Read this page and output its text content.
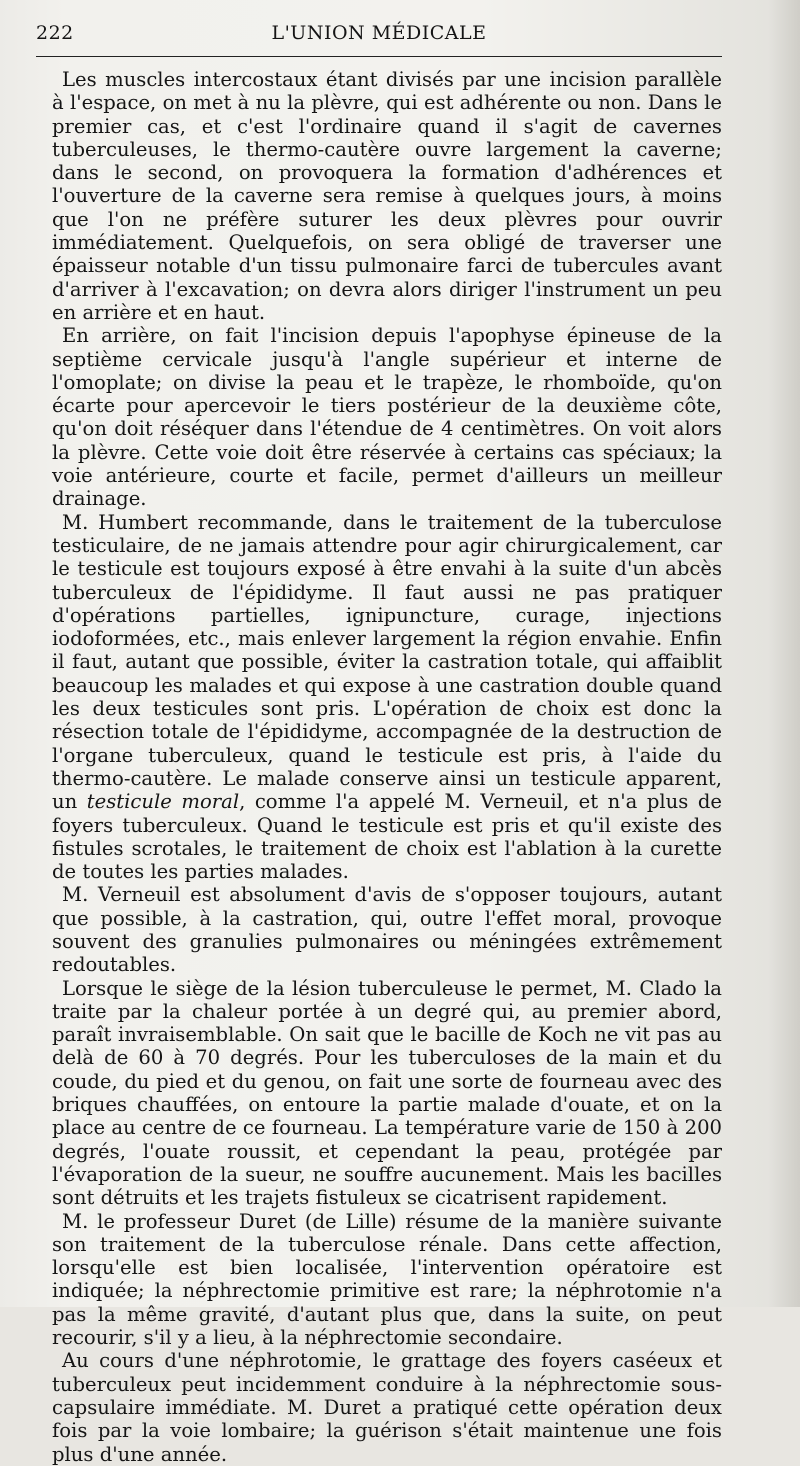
222	L'UNION MÉDICALE

Les muscles intercostaux étant divisés par une incision parallèle à l'espace, on met à nu la plèvre, qui est adhérente ou non. Dans le premier cas, et c'est l'ordinaire quand il s'agit de cavernes tuberculeuses, le thermo-cautère ouvre largement la caverne; dans le second, on provoquera la formation d'adhérences et l'ouverture de la caverne sera remise à quelques jours, à moins que l'on ne préfère suturer les deux plèvres pour ouvrir immédiatement. Quelquefois, on sera obligé de traverser une épaisseur notable d'un tissu pulmonaire farci de tubercules avant d'arriver à l'excavation; on devra alors diriger l'instrument un peu en arrière et en haut.

En arrière, on fait l'incision depuis l'apophyse épineuse de la septième cervicale jusqu'à l'angle supérieur et interne de l'omoplate; on divise la peau et le trapèze, le rhomboïde, qu'on écarte pour apercevoir le tiers postérieur de la deuxième côte, qu'on doit réséquer dans l'étendue de 4 centimètres. On voit alors la plèvre. Cette voie doit être réservée à certains cas spéciaux; la voie antérieure, courte et facile, permet d'ailleurs un meilleur drainage.

M. Humbert recommande, dans le traitement de la tuberculose testiculaire, de ne jamais attendre pour agir chirurgicalement, car le testicule est toujours exposé à être envahi à la suite d'un abcès tuberculeux de l'épididyme. Il faut aussi ne pas pratiquer d'opérations partielles, ignipuncture, curage, injections iodoformées, etc., mais enlever largement la région envahie. Enfin il faut, autant que possible, éviter la castration totale, qui affaiblit beaucoup les malades et qui expose à une castration double quand les deux testicules sont pris. L'opération de choix est donc la résection totale de l'épididyme, accompagnée de la destruction de l'organe tuberculeux, quand le testicule est pris, à l'aide du thermo-cautère. Le malade conserve ainsi un testicule apparent, un testicule moral, comme l'a appelé M. Verneuil, et n'a plus de foyers tuberculeux. Quand le testicule est pris et qu'il existe des fistules scrotales, le traitement de choix est l'ablation à la curette de toutes les parties malades.

M. Verneuil est absolument d'avis de s'opposer toujours, autant que possible, à la castration, qui, outre l'effet moral, provoque souvent des granulies pulmonaires ou méningées extrêmement redoutables.

Lorsque le siège de la lésion tuberculeuse le permet, M. Clado la traite par la chaleur portée à un degré qui, au premier abord, paraît invraisemblable. On sait que le bacille de Koch ne vit pas au delà de 60 à 70 degrés. Pour les tuberculoses de la main et du coude, du pied et du genou, on fait une sorte de fourneau avec des briques chauffées, on entoure la partie malade d'ouate, et on la place au centre de ce fourneau. La température varie de 150 à 200 degrés, l'ouate roussit, et cependant la peau, protégée par l'évaporation de la sueur, ne souffre aucunement. Mais les bacilles sont détruits et les trajets fistuleux se cicatrisent rapidement.

M. le professeur Duret (de Lille) résume de la manière suivante son traitement de la tuberculose rénale. Dans cette affection, lorsqu'elle est bien localisée, l'intervention opératoire est indiquée; la néphrectomie primitive est rare; la néphrotomie n'a pas la même gravité, d'autant plus que, dans la suite, on peut recourir, s'il y a lieu, à la néphrectomie secondaire.

Au cours d'une néphrotomie, le grattage des foyers caséeux et tuberculeux peut incidemment conduire à la néphrectomie sous-capsulaire immédiate. M. Duret a pratiqué cette opération deux fois par la voie lombaire; la guérison s'était maintenue une fois plus d'une année.
